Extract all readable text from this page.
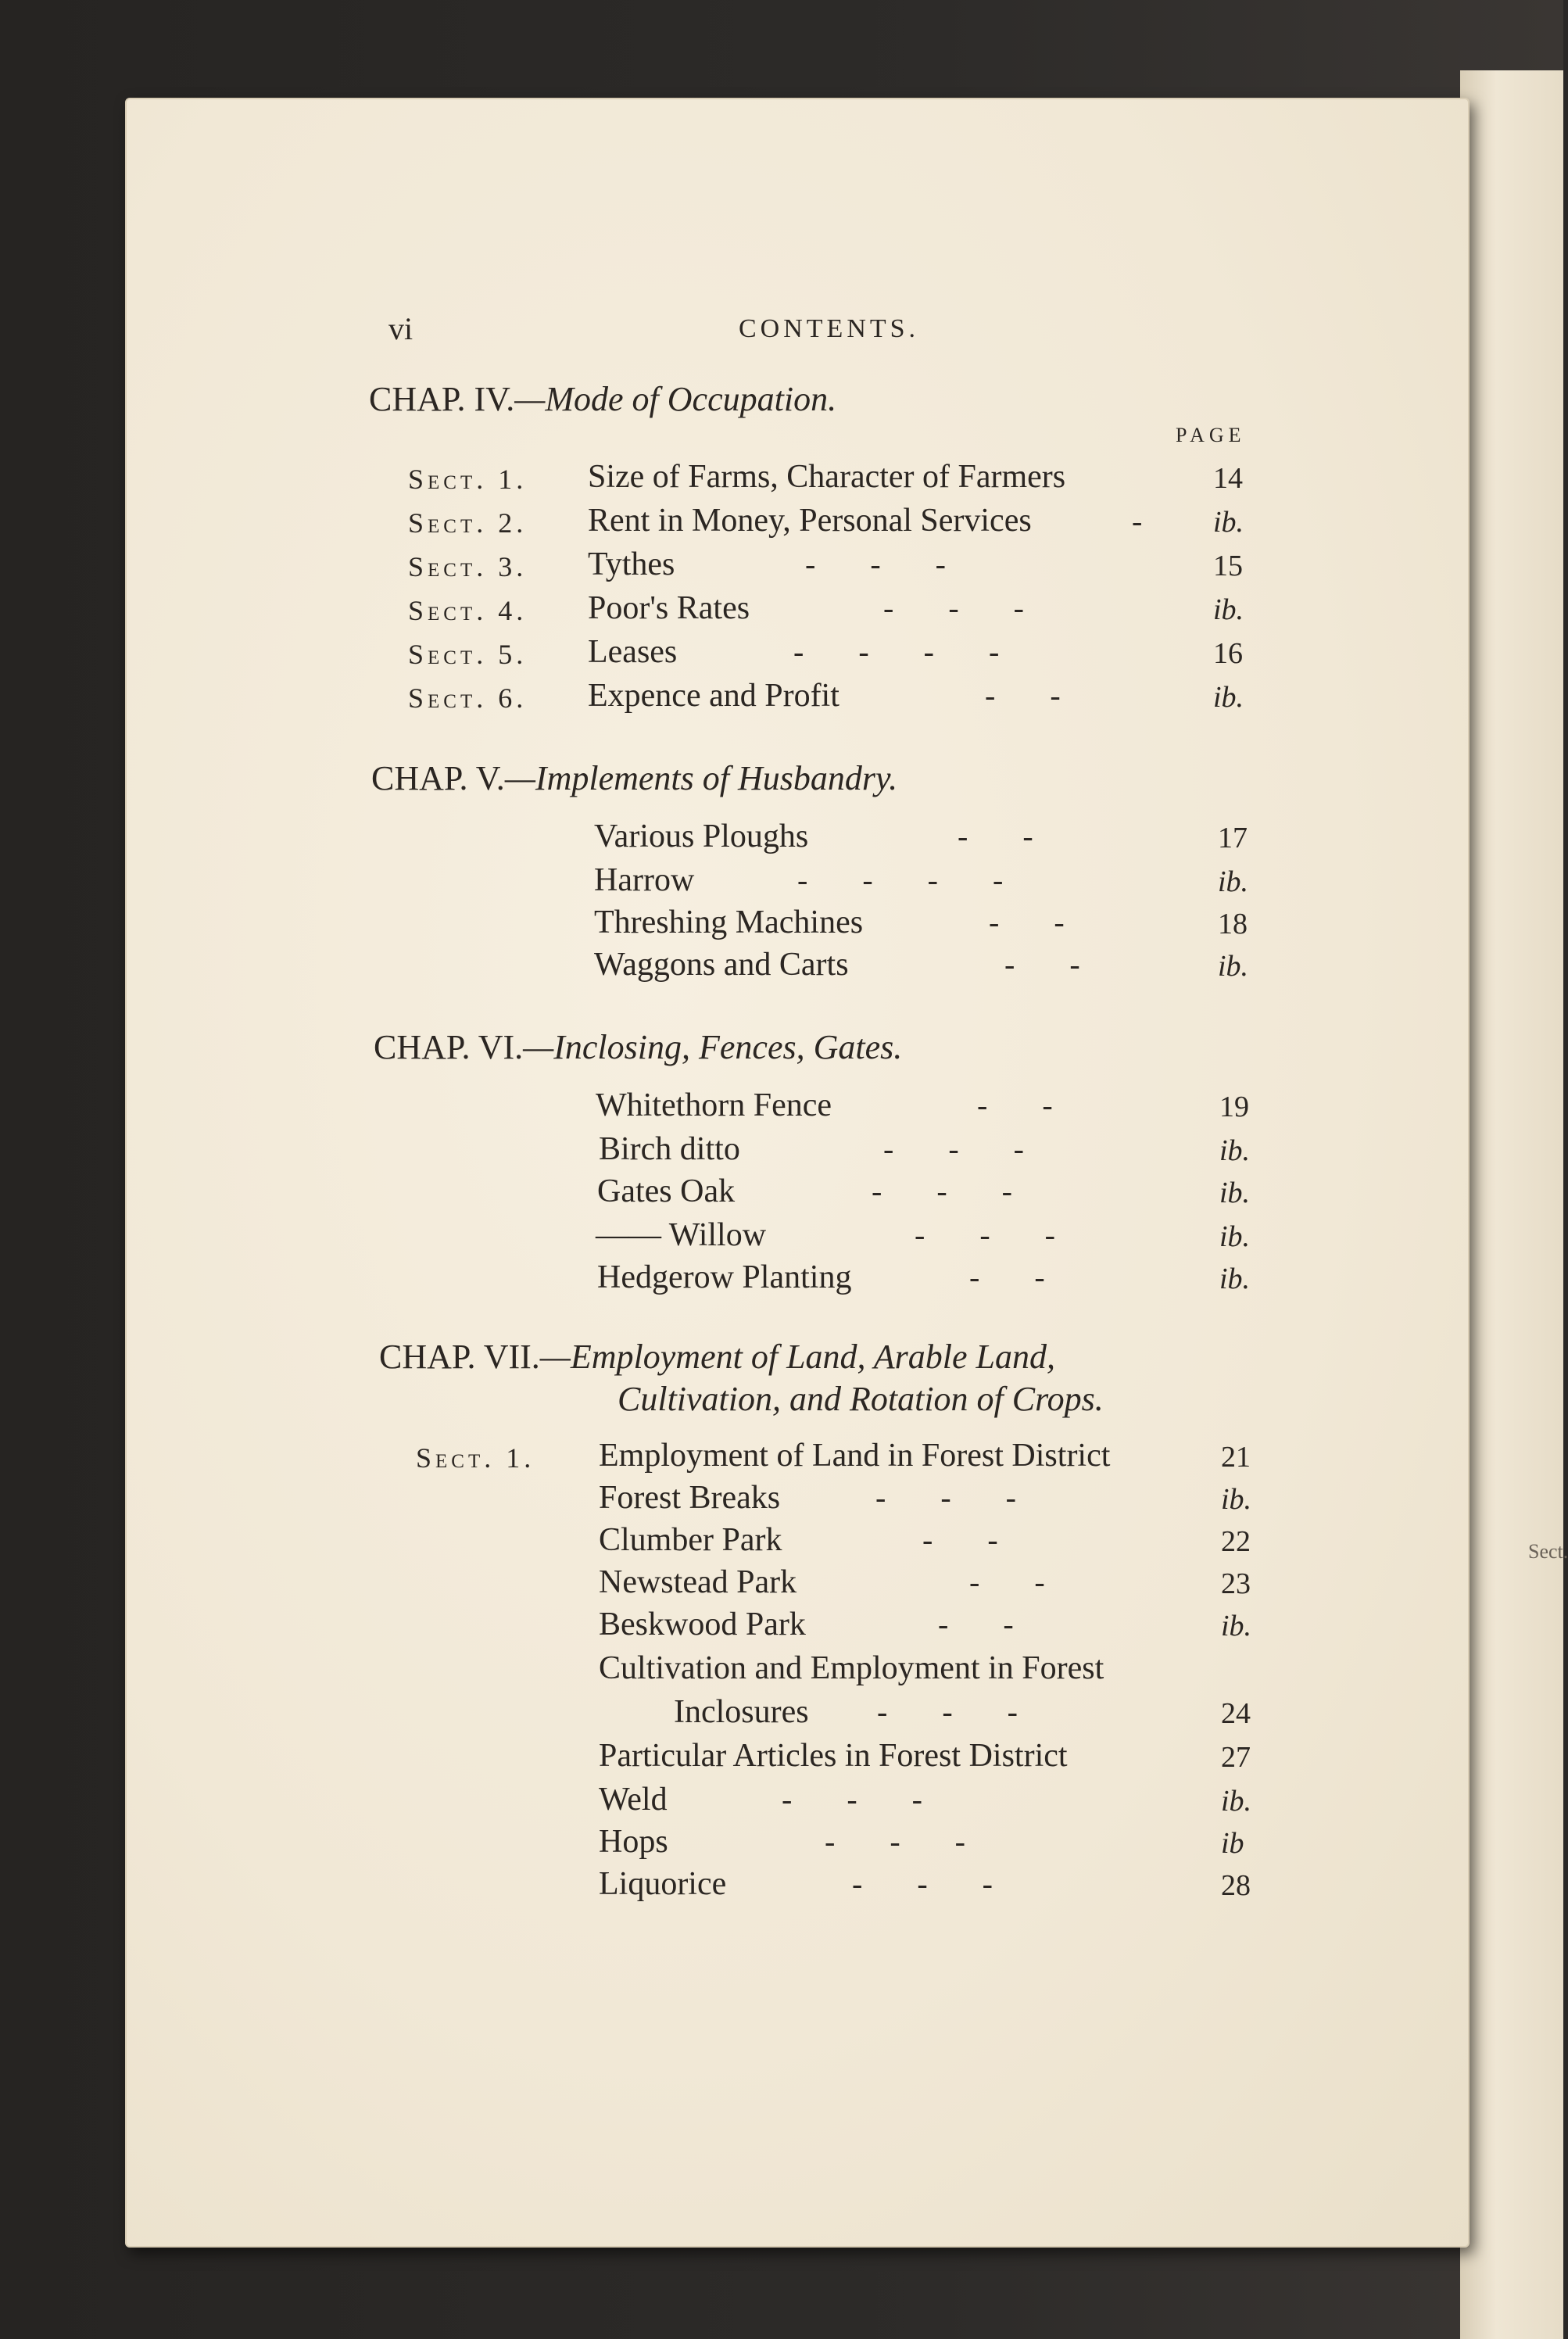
Sect.
vi	CONTENTS.
PAGE
CHAP. IV.—Mode of Occupation.
Sect. 1. Size of Farms, Character of Farmers	14
Sect. 2. Rent in Money, Personal Services	- ib.
Sect. 3. Tythes	- - -	15
Sect. 4. Poor's Rates	- - -	ib.
Sect. 5. Leases	- - - -	16
Sect. 6. Expence and Profit	- -	ib.
CHAP. V.—Implements of Husbandry.
Various Ploughs	- -	17
Harrow	- - - -	ib.
Threshing Machines	- -	18
Waggons and Carts	- -	ib.
CHAP. VI.—Inclosing, Fences, Gates.
Whitethorn Fence	- -	19
Birch ditto	- - -	ib.
Gates Oak	- - -	ib.
—— Willow	- - -	ib.
Hedgerow Planting	- -	ib.
CHAP. VII.—Employment of Land, Arable Land,
Cultivation, and Rotation of Crops.
Sect. 1. Employment of Land in Forest District	21
Forest Breaks	- - -	ib.
Clumber Park	- -	22
Newstead Park	- -	23
Beskwood Park	- -	ib.
Cultivation and Employment in Forest
Inclosures - - -	24
Particular Articles in Forest District	27
Weld	- - -	ib.
Hops	- - -	ib
Liquorice	- - -	28
